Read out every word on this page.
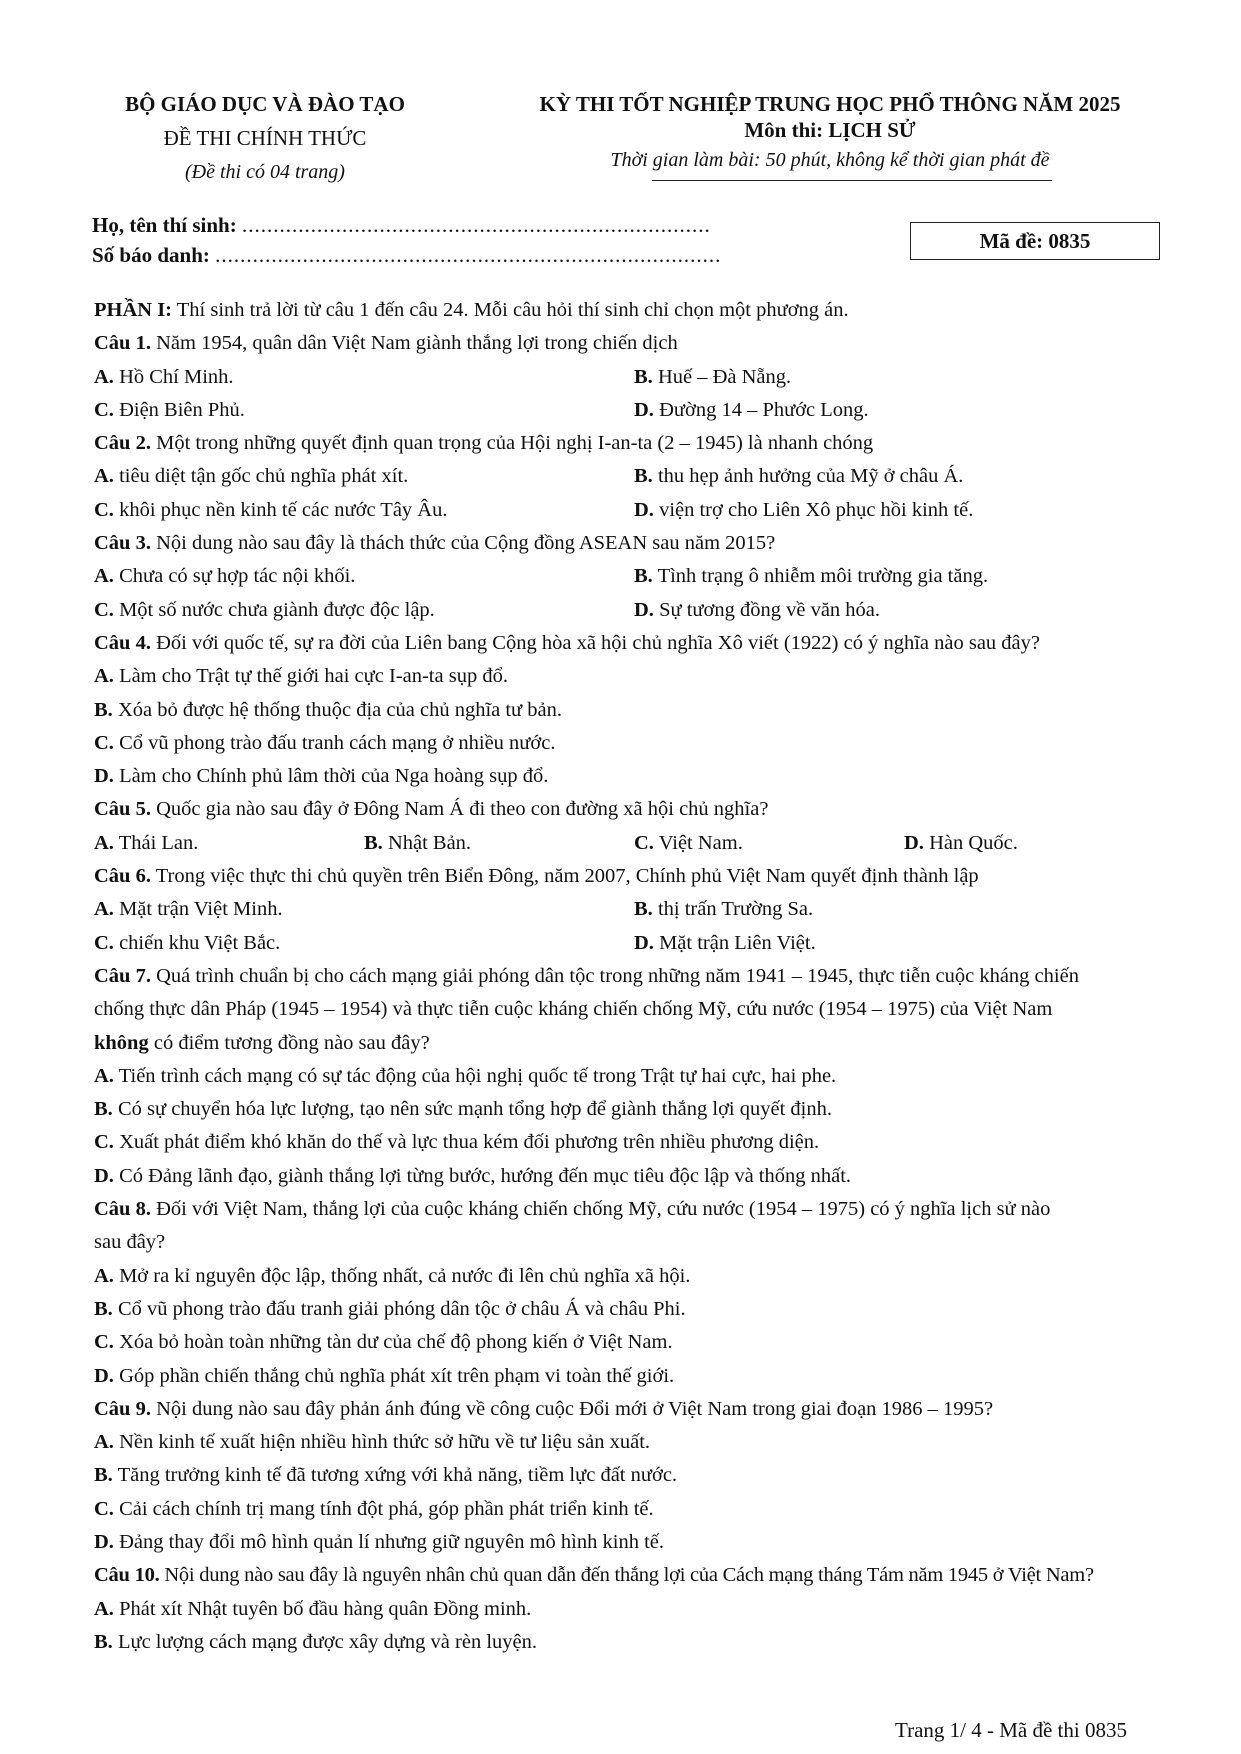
BỘ GIÁO DỤC VÀ ĐÀO TẠO
ĐỀ THI CHÍNH THỨC
(Đề thi có 04 trang)
KỲ THI TỐT NGHIỆP TRUNG HỌC PHỔ THÔNG NĂM 2025
Môn thi: LỊCH SỬ
Thời gian làm bài: 50 phút, không kể thời gian phát đề
Họ, tên thí sinh: ...........................................................................
Số báo danh: .................................................................................
Mã đề: 0835
PHẦN I: Thí sinh trả lời từ câu 1 đến câu 24. Mỗi câu hỏi thí sinh chỉ chọn một phương án.
Câu 1. Năm 1954, quân dân Việt Nam giành thắng lợi trong chiến dịch
A. Hồ Chí Minh.	B. Huế – Đà Nẵng.
C. Điện Biên Phủ.	D. Đường 14 – Phước Long.
Câu 2. Một trong những quyết định quan trọng của Hội nghị I-an-ta (2 – 1945) là nhanh chóng
A. tiêu diệt tận gốc chủ nghĩa phát xít.	B. thu hẹp ảnh hưởng của Mỹ ở châu Á.
C. khôi phục nền kinh tế các nước Tây Âu.	D. viện trợ cho Liên Xô phục hồi kinh tế.
Câu 3. Nội dung nào sau đây là thách thức của Cộng đồng ASEAN sau năm 2015?
A. Chưa có sự hợp tác nội khối.	B. Tình trạng ô nhiễm môi trường gia tăng.
C. Một số nước chưa giành được độc lập.	D. Sự tương đồng về văn hóa.
Câu 4. Đối với quốc tế, sự ra đời của Liên bang Cộng hòa xã hội chủ nghĩa Xô viết (1922) có ý nghĩa nào sau đây?
A. Làm cho Trật tự thế giới hai cực I-an-ta sụp đổ.
B. Xóa bỏ được hệ thống thuộc địa của chủ nghĩa tư bản.
C. Cổ vũ phong trào đấu tranh cách mạng ở nhiều nước.
D. Làm cho Chính phủ lâm thời của Nga hoàng sụp đổ.
Câu 5. Quốc gia nào sau đây ở Đông Nam Á đi theo con đường xã hội chủ nghĩa?
A. Thái Lan.	B. Nhật Bản.	C. Việt Nam.	D. Hàn Quốc.
Câu 6. Trong việc thực thi chủ quyền trên Biển Đông, năm 2007, Chính phủ Việt Nam quyết định thành lập
A. Mặt trận Việt Minh.	B. thị trấn Trường Sa.
C. chiến khu Việt Bắc.	D. Mặt trận Liên Việt.
Câu 7. Quá trình chuẩn bị cho cách mạng giải phóng dân tộc trong những năm 1941 – 1945, thực tiễn cuộc kháng chiến
chống thực dân Pháp (1945 – 1954) và thực tiễn cuộc kháng chiến chống Mỹ, cứu nước (1954 – 1975) của Việt Nam
không có điểm tương đồng nào sau đây?
A. Tiến trình cách mạng có sự tác động của hội nghị quốc tế trong Trật tự hai cực, hai phe.
B. Có sự chuyển hóa lực lượng, tạo nên sức mạnh tổng hợp để giành thắng lợi quyết định.
C. Xuất phát điểm khó khăn do thế và lực thua kém đối phương trên nhiều phương diện.
D. Có Đảng lãnh đạo, giành thắng lợi từng bước, hướng đến mục tiêu độc lập và thống nhất.
Câu 8. Đối với Việt Nam, thắng lợi của cuộc kháng chiến chống Mỹ, cứu nước (1954 – 1975) có ý nghĩa lịch sử nào
sau đây?
A. Mở ra kỉ nguyên độc lập, thống nhất, cả nước đi lên chủ nghĩa xã hội.
B. Cổ vũ phong trào đấu tranh giải phóng dân tộc ở châu Á và châu Phi.
C. Xóa bỏ hoàn toàn những tàn dư của chế độ phong kiến ở Việt Nam.
D. Góp phần chiến thắng chủ nghĩa phát xít trên phạm vi toàn thế giới.
Câu 9. Nội dung nào sau đây phản ánh đúng về công cuộc Đổi mới ở Việt Nam trong giai đoạn 1986 – 1995?
A. Nền kinh tế xuất hiện nhiều hình thức sở hữu về tư liệu sản xuất.
B. Tăng trưởng kinh tế đã tương xứng với khả năng, tiềm lực đất nước.
C. Cải cách chính trị mang tính đột phá, góp phần phát triển kinh tế.
D. Đảng thay đổi mô hình quản lí nhưng giữ nguyên mô hình kinh tế.
Câu 10. Nội dung nào sau đây là nguyên nhân chủ quan dẫn đến thắng lợi của Cách mạng tháng Tám năm 1945 ở Việt Nam?
A. Phát xít Nhật tuyên bố đầu hàng quân Đồng minh.
B. Lực lượng cách mạng được xây dựng và rèn luyện.
Trang 1/ 4 - Mã đề thi 0835
